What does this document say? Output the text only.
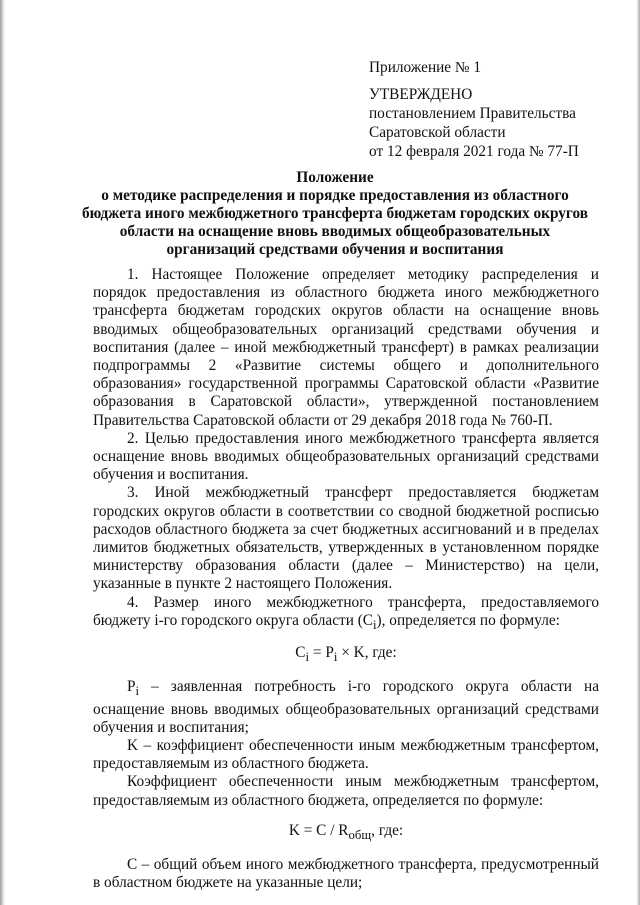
Приложение № 1
УТВЕРЖДЕНО
постановлением Правительства
Саратовской области
от 12 февраля 2021 года № 77-П
Положение
о методике распределения и порядке предоставления из областного бюджета иного межбюджетного трансферта бюджетам городских округов области на оснащение вновь вводимых общеобразовательных организаций средствами обучения и воспитания

1. Настоящее Положение определяет методику распределения и порядок предоставления из областного бюджета иного межбюджетного трансферта бюджетам городских округов области на оснащение вновь вводимых общеобразовательных организаций средствами обучения и воспитания (далее – иной межбюджетный трансферт) в рамках реализации подпрограммы 2 «Развитие системы общего и дополнительного образования» государственной программы Саратовской области «Развитие образования в Саратовской области», утвержденной постановлением Правительства Саратовской области от 29 декабря 2018 года № 760-П.

2. Целью предоставления иного межбюджетного трансферта является оснащение вновь вводимых общеобразовательных организаций средствами обучения и воспитания.

3. Иной межбюджетный трансферт предоставляется бюджетам городских округов области в соответствии со сводной бюджетной росписью расходов областного бюджета за счет бюджетных ассигнований и в пределах лимитов бюджетных обязательств, утвержденных в установленном порядке министерству образования области (далее – Министерство) на цели, указанные в пункте 2 настоящего Положения.

4. Размер иного межбюджетного трансферта, предоставляемого бюджету i-го городского округа области $(C_i)$, определяется по формуле:

$C_i = P_i \times K$, где:

$P_i$ – заявленная потребность i-го городского округа области на оснащение вновь вводимых общеобразовательных организаций средствами обучения и воспитания;

K – коэффициент обеспеченности иным межбюджетным трансфертом, предоставляемым из областного бюджета.

Коэффициент обеспеченности иным межбюджетным трансфертом, предоставляемым из областного бюджета, определяется по формуле:

$K = C / R_{общ}$, где:

C – общий объем иного межбюджетного трансферта, предусмотренный в областном бюджете на указанные цели;
